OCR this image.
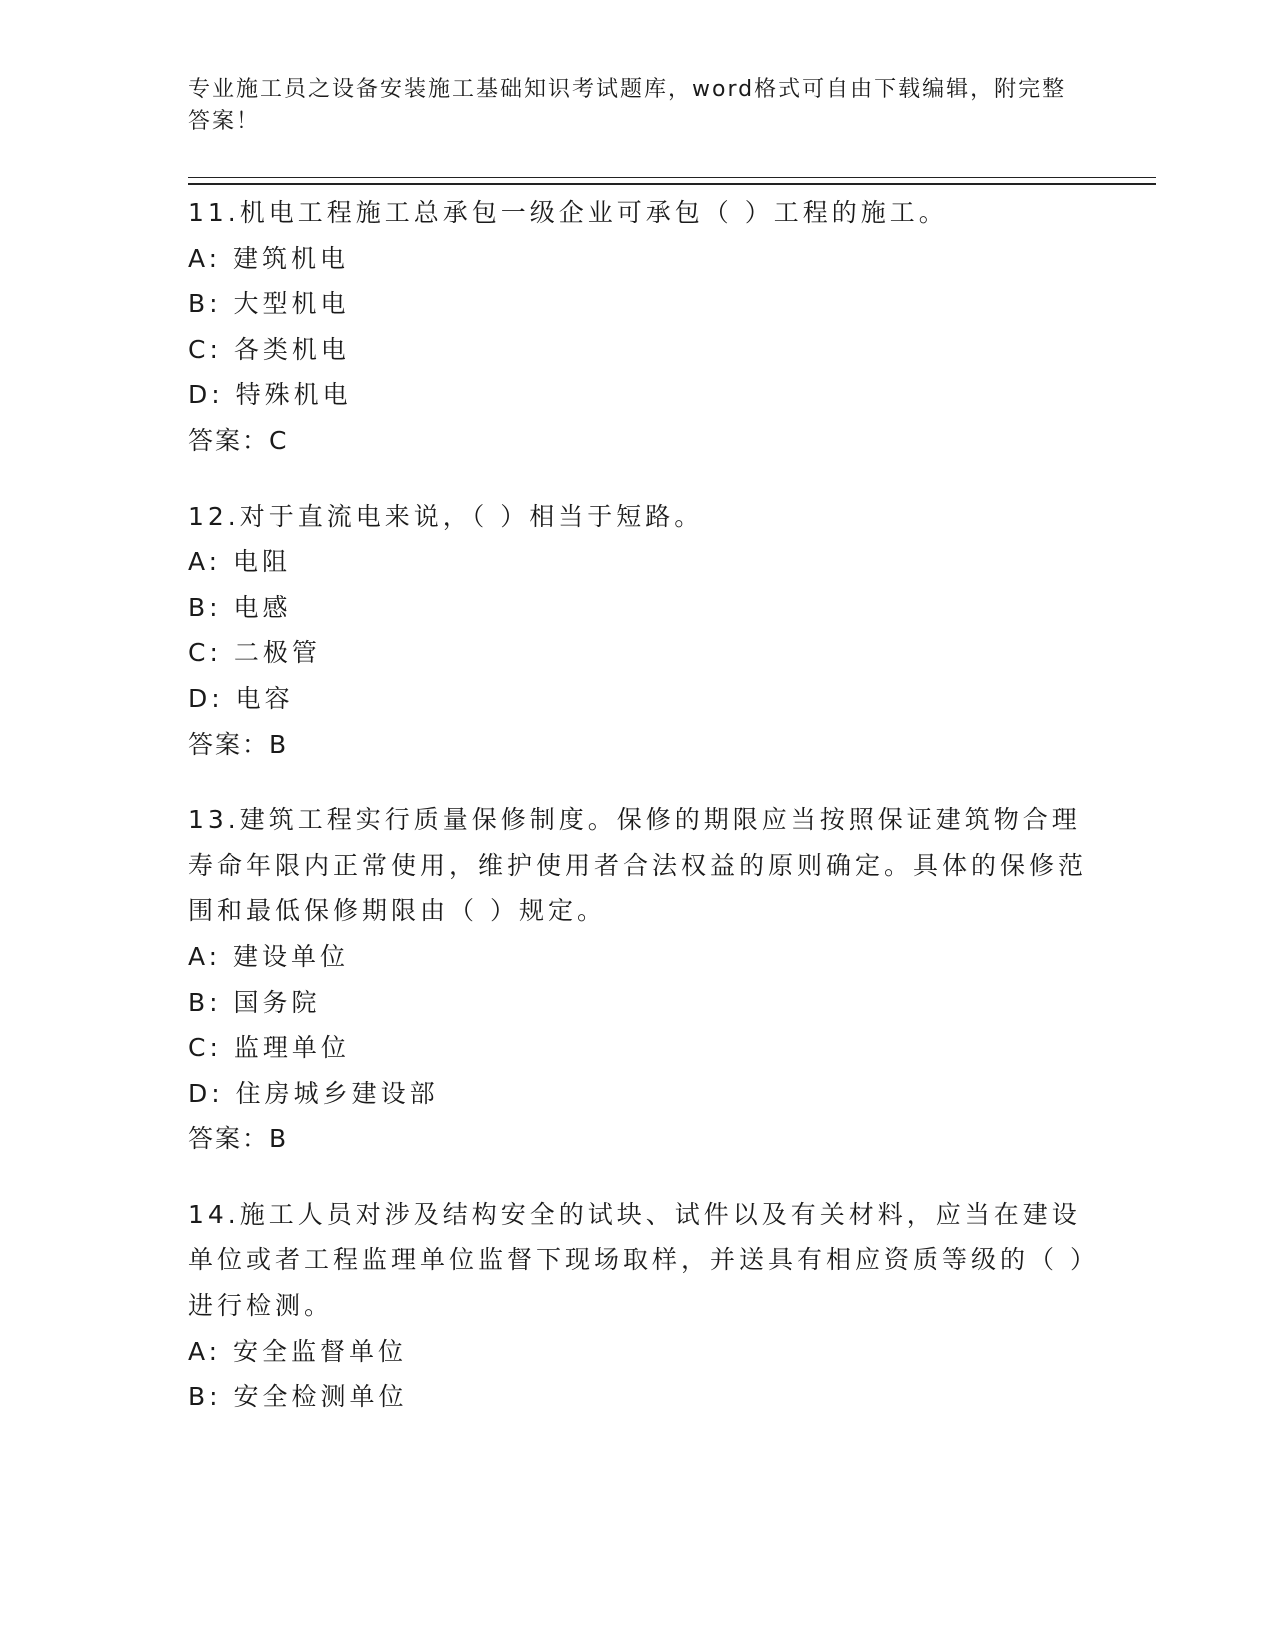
专业施工员之设备安装施工基础知识考试题库，word格式可自由下载编辑，附完整答案！
11.机电工程施工总承包一级企业可承包（ ）工程的施工。
A: 建筑机电
B: 大型机电
C: 各类机电
D: 特殊机电
答案：C
12.对于直流电来说，（ ）相当于短路。
A: 电阻
B: 电感
C: 二极管
D: 电容
答案：B
13.建筑工程实行质量保修制度。保修的期限应当按照保证建筑物合理寿命年限内正常使用，维护使用者合法权益的原则确定。具体的保修范围和最低保修期限由（ ）规定。
A: 建设单位
B: 国务院
C: 监理单位
D: 住房城乡建设部
答案：B
14.施工人员对涉及结构安全的试块、试件以及有关材料，应当在建设单位或者工程监理单位监督下现场取样，并送具有相应资质等级的（ ）进行检测。
A: 安全监督单位
B: 安全检测单位
